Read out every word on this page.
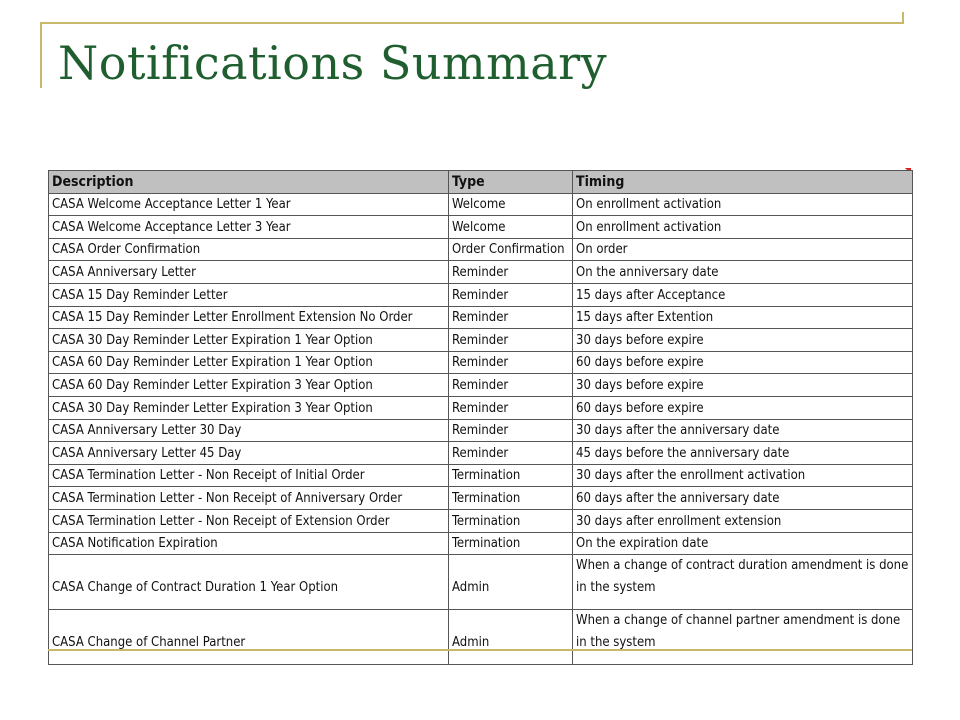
Notifications Summary
Description	Type	Timing
CASA Welcome Acceptance Letter 1 Year	Welcome	On enrollment activation
CASA Welcome Acceptance Letter 3 Year	Welcome	On enrollment activation
CASA Order Confirmation	Order Confirmation	On order
CASA Anniversary Letter	Reminder	On the anniversary date
CASA 15 Day Reminder Letter	Reminder	15 days after Acceptance
CASA 15 Day Reminder Letter Enrollment Extension No Order	Reminder	15 days after Extention
CASA 30 Day Reminder Letter Expiration 1 Year Option	Reminder	30 days before expire
CASA 60 Day Reminder Letter Expiration 1 Year Option	Reminder	60 days before expire
CASA 60 Day Reminder Letter Expiration 3 Year Option	Reminder	30 days before expire
CASA 30 Day Reminder Letter Expiration 3 Year Option	Reminder	60 days before expire
CASA Anniversary Letter 30 Day	Reminder	30 days after the anniversary date
CASA Anniversary Letter 45 Day	Reminder	45 days before the anniversary date
CASA Termination Letter - Non Receipt of Initial Order	Termination	30 days after the enrollment activation
CASA Termination Letter - Non Receipt of Anniversary Order	Termination	60 days after the anniversary date
CASA Termination Letter - Non Receipt of Extension Order	Termination	30 days after enrollment extension
CASA Notification Expiration	Termination	On the expiration date
CASA Change of Contract Duration 1 Year Option	Admin	When a change of contract duration amendment is done in the system
CASA Change of Channel Partner	Admin	When a change of channel partner amendment is done in the system
